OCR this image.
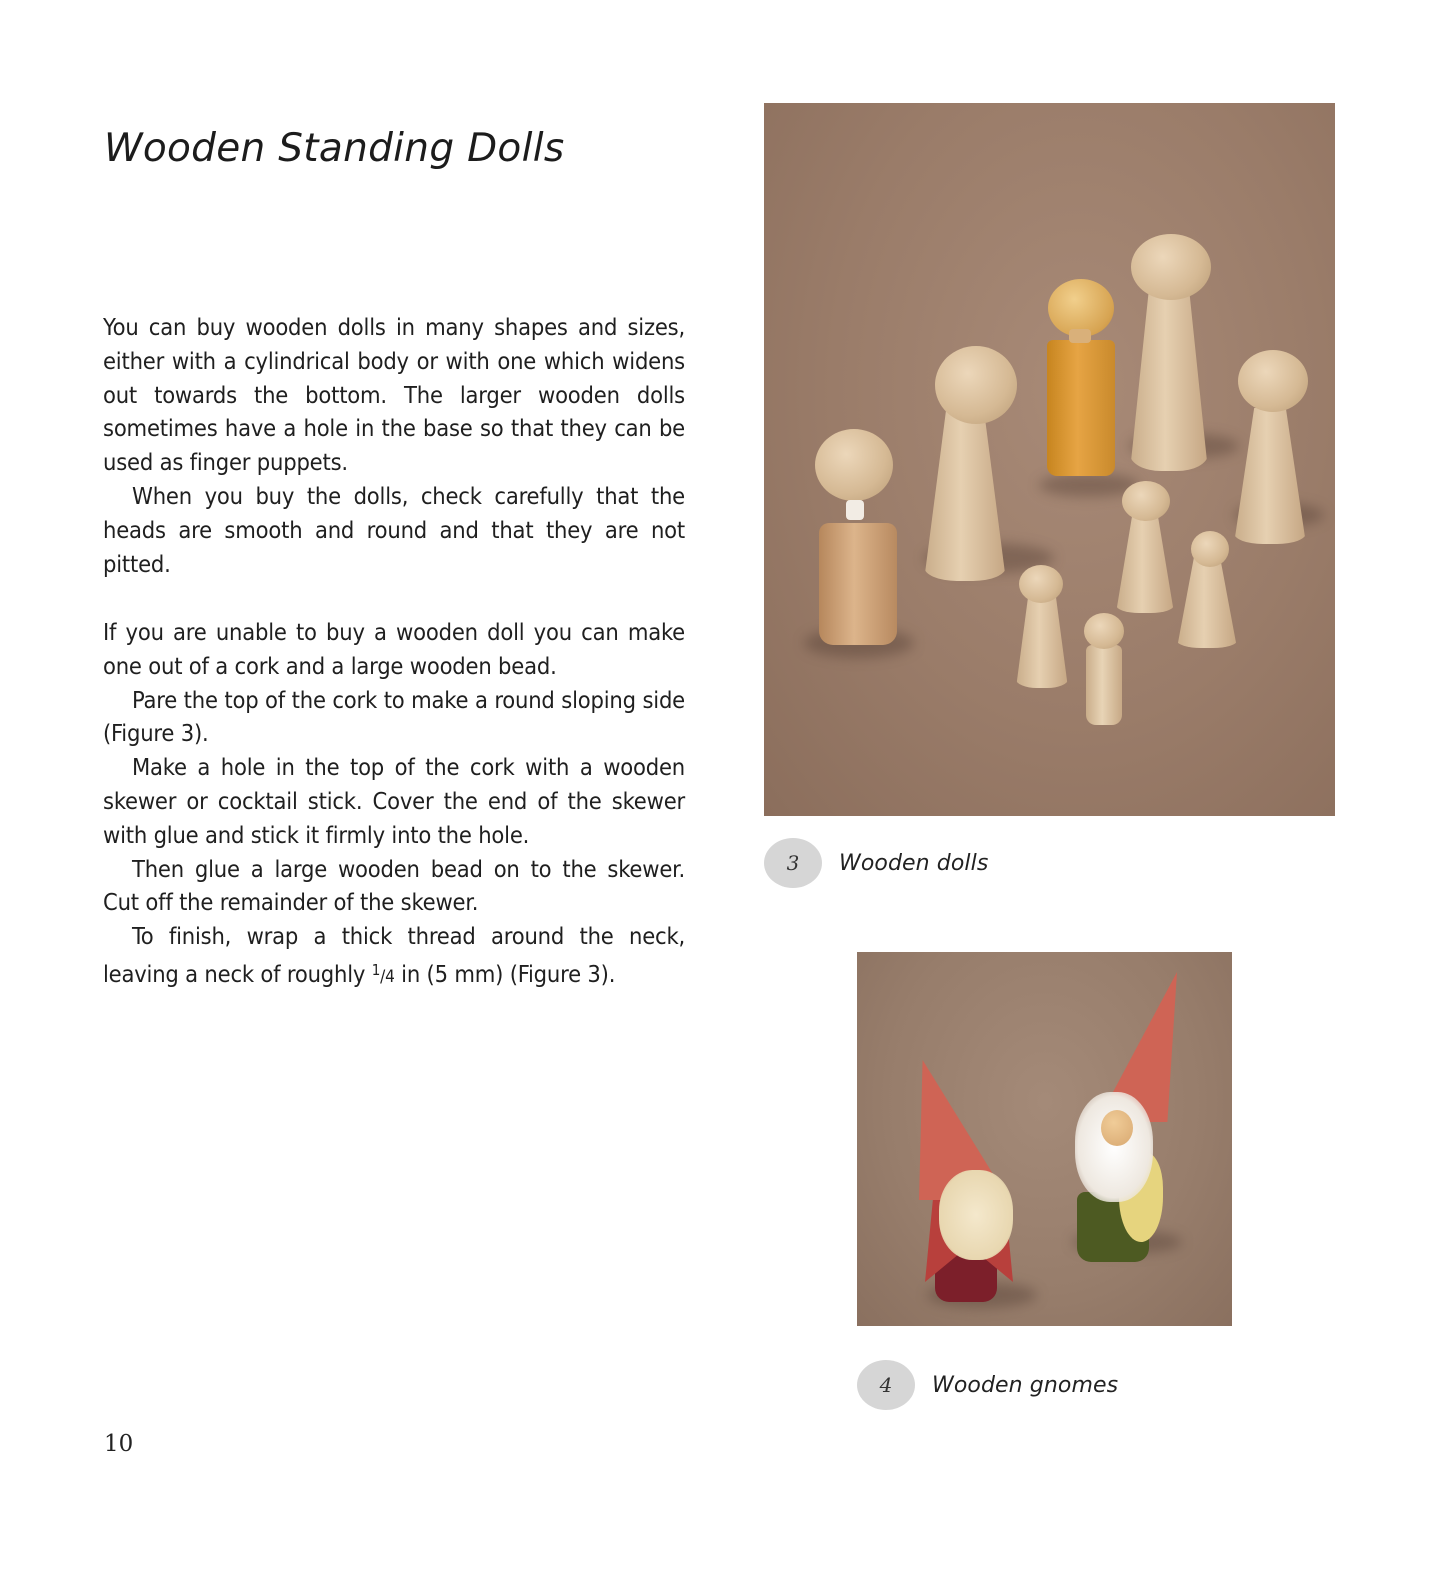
Wooden Standing Dolls

You can buy wooden dolls in many shapes and sizes, either with a cylindrical body or with one which widens out towards the bottom. The larger wooden dolls sometimes have a hole in the base so that they can be used as finger puppets.

When you buy the dolls, check carefully that the heads are smooth and round and that they are not pitted.

If you are unable to buy a wooden doll you can make one out of a cork and a large wooden bead.

Pare the top of the cork to make a round sloping side (Figure 3).

Make a hole in the top of the cork with a wooden skewer or cocktail stick. Cover the end of the skewer with glue and stick it firmly into the hole.

Then glue a large wooden bead on to the skewer. Cut off the remainder of the skewer.

To finish, wrap a thick thread around the neck, leaving a neck of roughly $^1$/4 in (5 mm) (Figure 3).

3	Wooden dolls
4	Wooden gnomes
10
